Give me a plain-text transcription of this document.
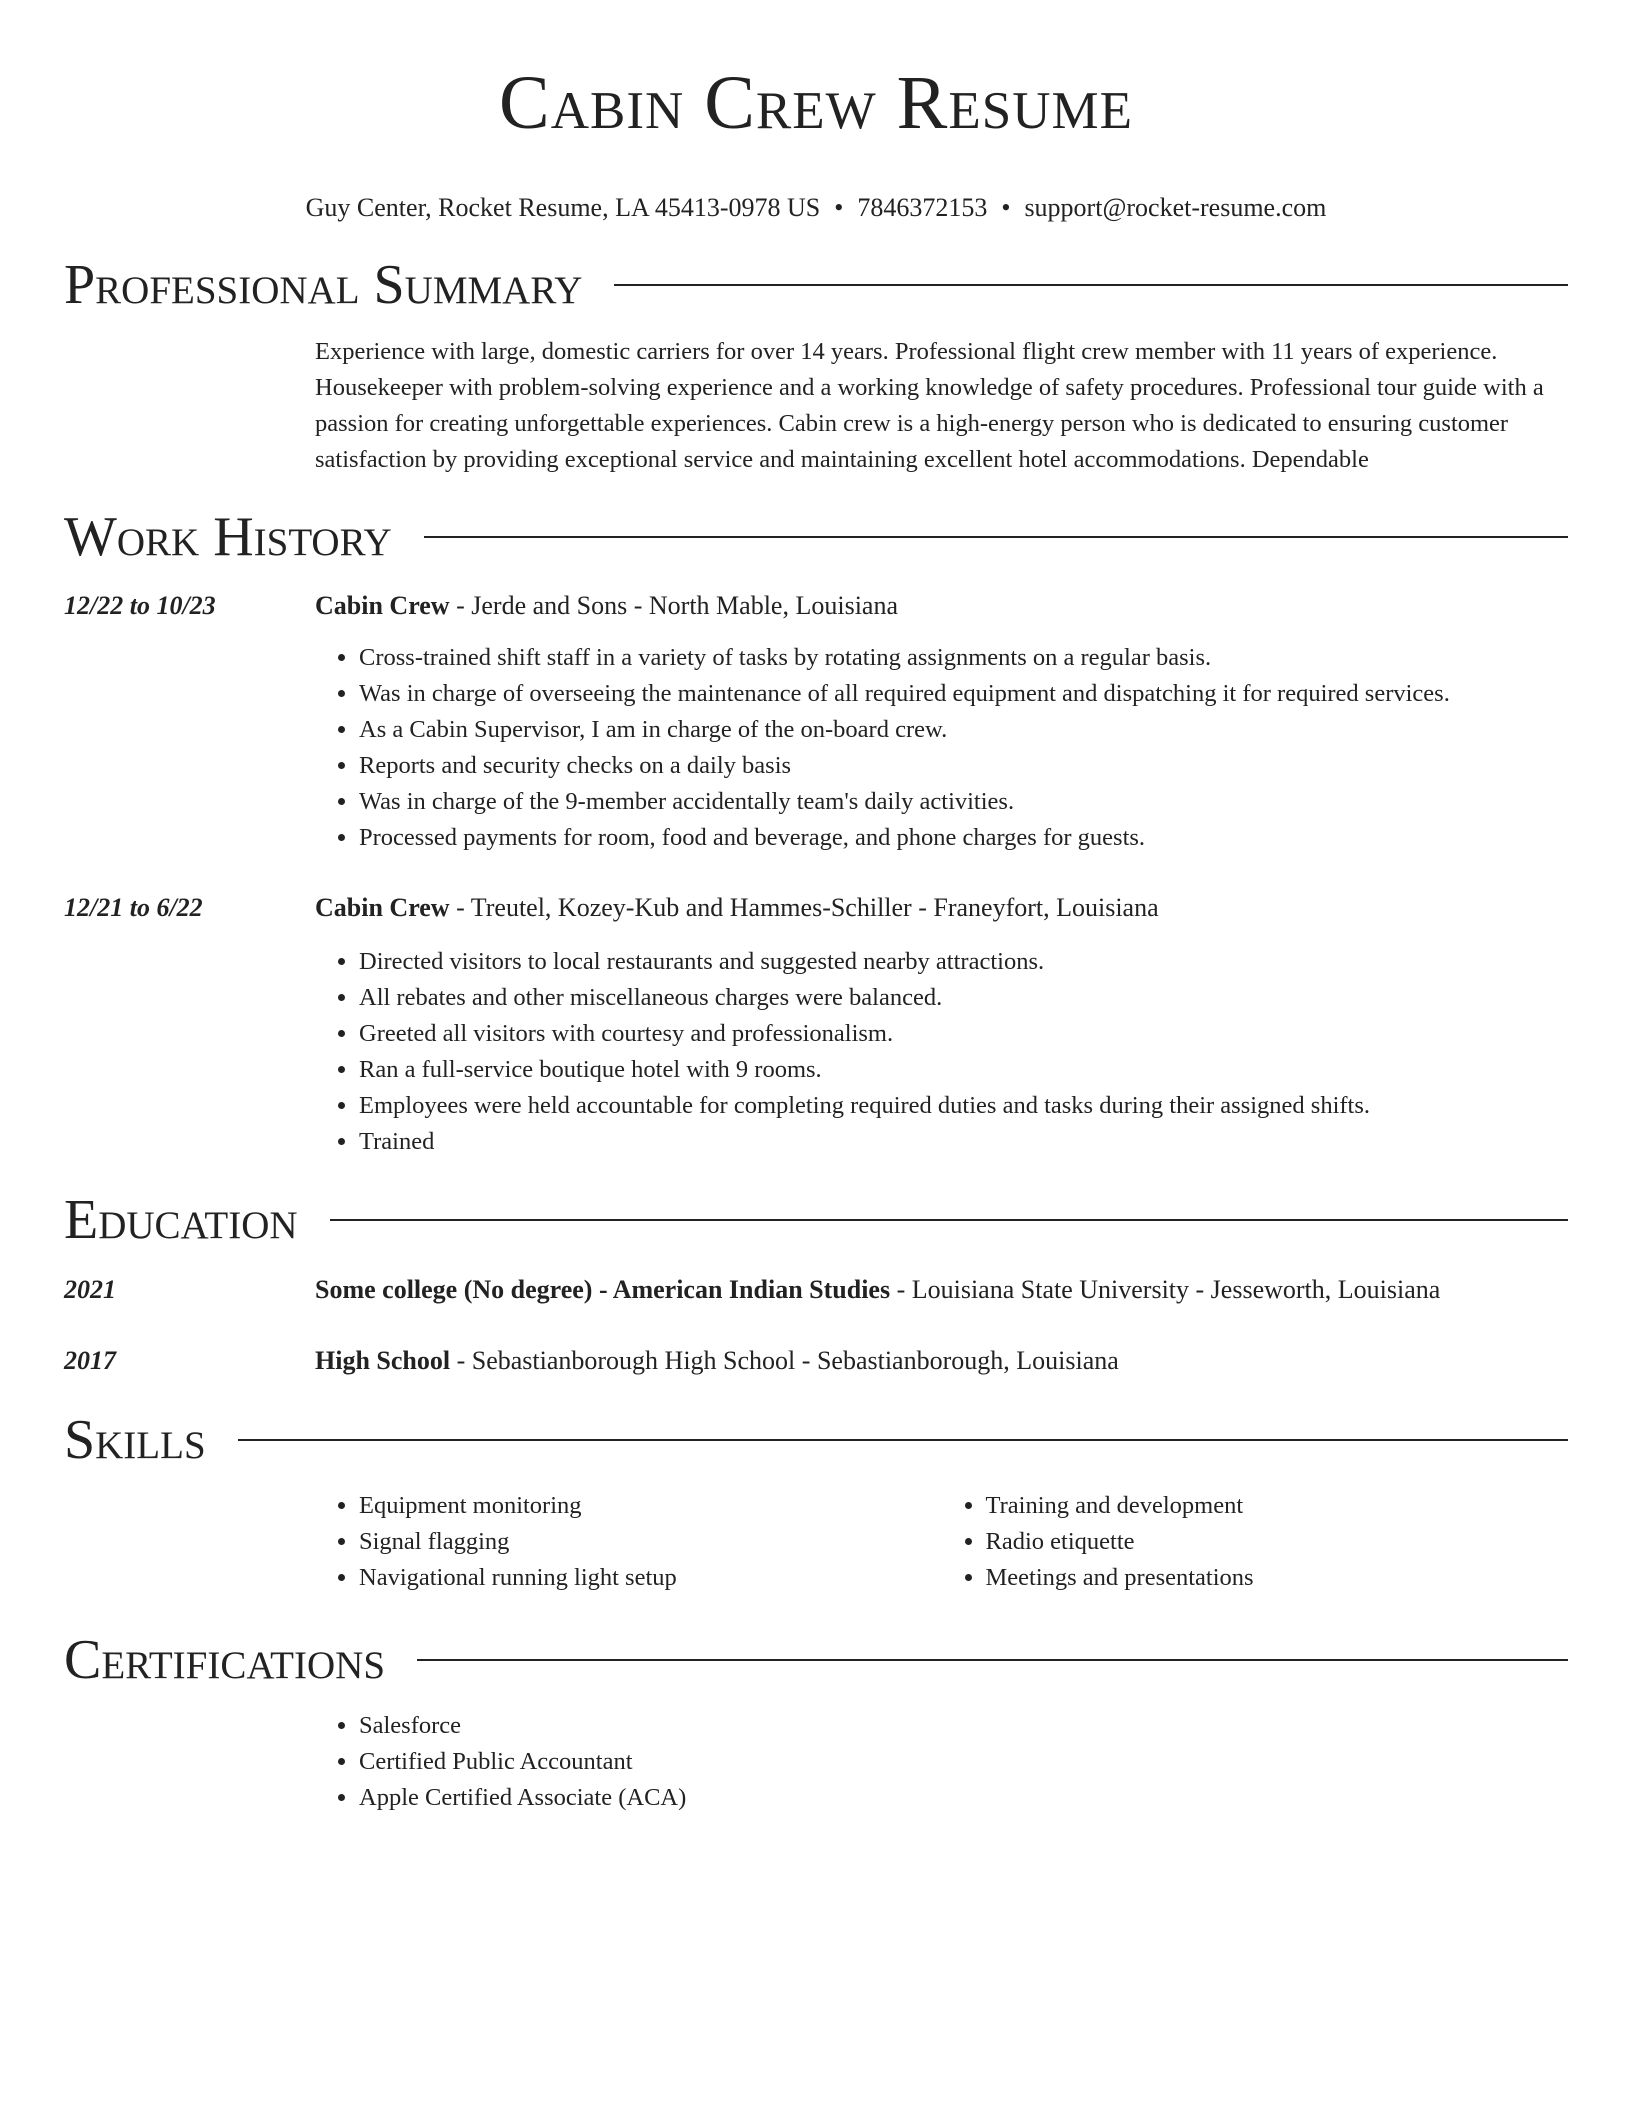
Cabin Crew Resume
Guy Center, Rocket Resume, LA 45413-0978 US • 7846372153 • support@rocket-resume.com
Professional Summary

Experience with large, domestic carriers for over 14 years. Professional flight crew member with 11 years of experience. Housekeeper with problem-solving experience and a working knowledge of safety procedures. Professional tour guide with a passion for creating unforgettable experiences. Cabin crew is a high-energy person who is dedicated to ensuring customer satisfaction by providing exceptional service and maintaining excellent hotel accommodations. Dependable

Work History
12/22 to 10/23	Cabin Crew - Jerde and Sons - North Mable, Louisiana
• Cross-trained shift staff in a variety of tasks by rotating assignments on a regular basis.
• Was in charge of overseeing the maintenance of all required equipment and dispatching it for required services.
• As a Cabin Supervisor, I am in charge of the on-board crew.
• Reports and security checks on a daily basis
• Was in charge of the 9-member accidentally team's daily activities.
• Processed payments for room, food and beverage, and phone charges for guests.
12/21 to 6/22	Cabin Crew - Treutel, Kozey-Kub and Hammes-Schiller - Franeyfort, Louisiana
• Directed visitors to local restaurants and suggested nearby attractions.
• All rebates and other miscellaneous charges were balanced.
• Greeted all visitors with courtesy and professionalism.
• Ran a full-service boutique hotel with 9 rooms.
• Employees were held accountable for completing required duties and tasks during their assigned shifts.
• Trained
Education
2021	Some college (No degree) - American Indian Studies - Louisiana State University - Jesseworth, Louisiana
2017	High School - Sebastianborough High School - Sebastianborough, Louisiana
Skills
• Equipment monitoring
• Signal flagging
• Navigational running light setup
• Training and development
• Radio etiquette
• Meetings and presentations
Certifications
• Salesforce
• Certified Public Accountant
• Apple Certified Associate (ACA)
